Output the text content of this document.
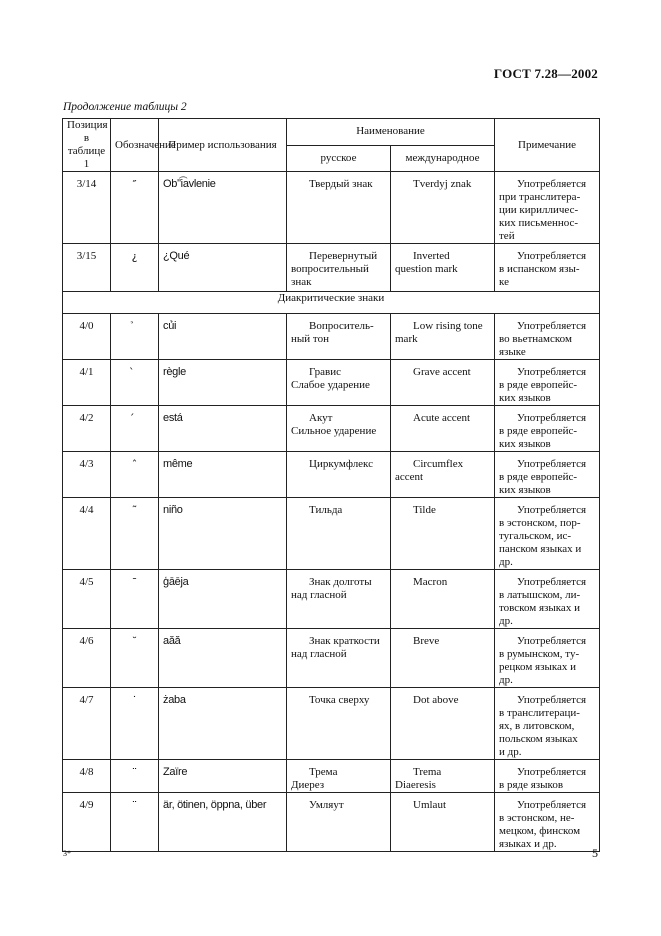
ГОСТ 7.28—2002
Продолжение таблицы 2
Позиция в таблице 1	Обозначение	Пример использования	Наименование		Примечание
			русское	международное	
3/14	″	Obʺi͡avlenie	Твердый знак	Tverdyj znak	Употребляется
при транслитера-
ции кирилличес-
ких письменнос-
тей

3/15	¿	¿Qué	Перевернутый
вопросительный
знак	Inverted
question mark	Употребляется
в испанском язы-
ке

Диакритические знаки					
4/0		củi	Вопроситель-
ный тон	Low rising tone
mark	Употребляется
во вьетнамском
языке

4/1		règle	Гравис
Слабое ударение	Grave accent	Употребляется
в ряде европейс-
ких языков

4/2		está	Акут
Сильное ударение	Acute accent	Употребляется
в ряде европейс-
ких языков

4/3	ˆ	même	Циркумфлекс	Circumflex
accent	Употребляется
в ряде европейс-
ких языков

4/4	˜	niño	Тильда	Tilde	Употребляется
в эстонском, пор-
тугальском, ис-
панском языках и
др.

4/5	ˉ	ģāēja	Знак долготы
над гласной	Macron	Употребляется
в латышском, ли-
товском языках и
др.

4/6	˘	aăă	Знак краткости
над гласной	Breve	Употребляется
в румынском, ту-
рецком языках и
др.

4/7	˙	żaba	Точка сверху	Dot above	Употребляется
в транслитераци-
ях, в литовском,
польском языках
и др.

4/8	¨	Zaïre	Трема
Диерез	Trema
Diaeresis	Употребляется
в ряде языков

4/9	¨	är, ötinen, öppna, über	Умляут	Umlaut	Употребляется
в эстонском, не-
мецком, финском
языках и др.
3*	5
